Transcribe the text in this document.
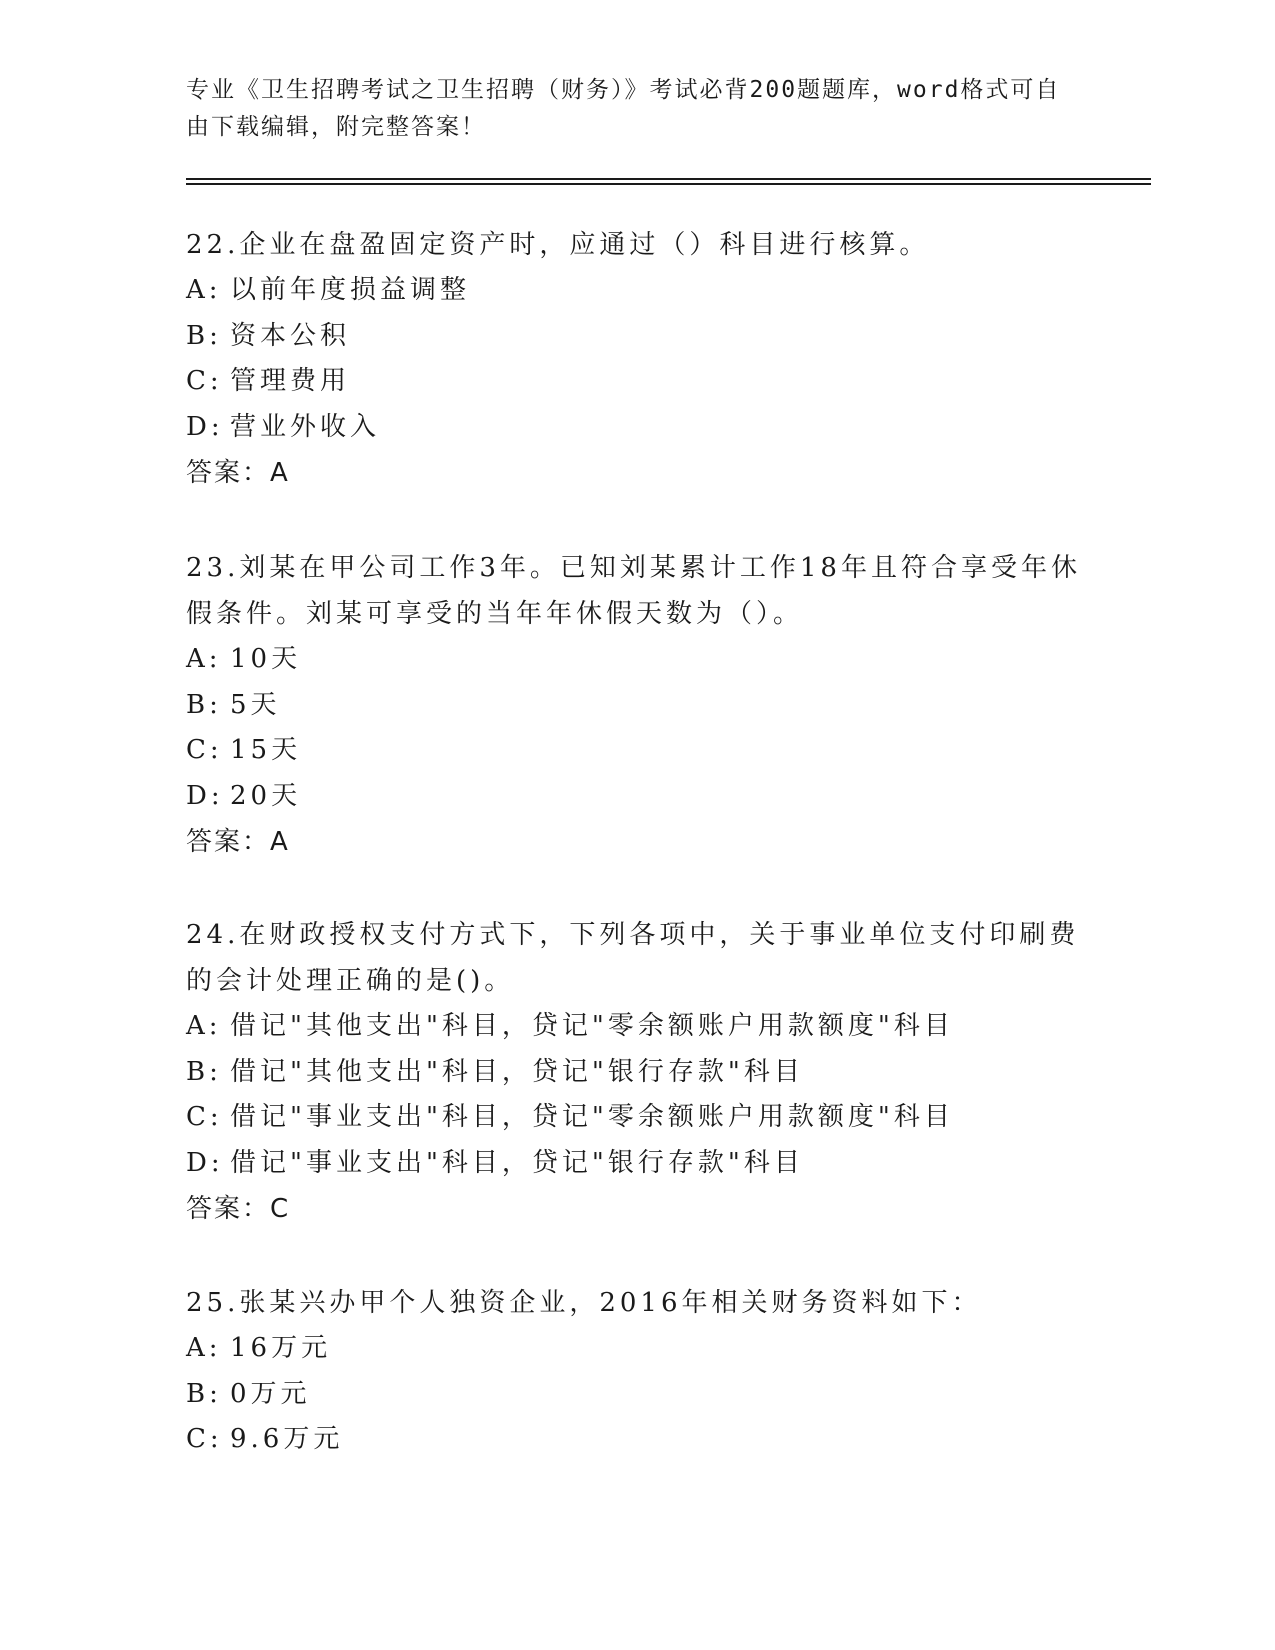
专业《卫生招聘考试之卫生招聘（财务）》考试必背200题题库，word格式可自由下载编辑，附完整答案！

22.企业在盘盈固定资产时，应通过（）科目进行核算。

A: 以前年度损益调整

B: 资本公积

C: 管理费用

D: 营业外收入

答案：A

23.刘某在甲公司工作3年。已知刘某累计工作18年且符合享受年休假条件。刘某可享受的当年年休假天数为（）。

A: 10天

B: 5天

C: 15天

D: 20天

答案：A

24.在财政授权支付方式下，下列各项中，关于事业单位支付印刷费的会计处理正确的是()。

A: 借记"其他支出"科目，贷记"零余额账户用款额度"科目

B: 借记"其他支出"科目，贷记"银行存款"科目

C: 借记"事业支出"科目，贷记"零余额账户用款额度"科目

D: 借记"事业支出"科目，贷记"银行存款"科目

答案：C

25.张某兴办甲个人独资企业，2016年相关财务资料如下：

A: 16万元

B: 0万元

C: 9.6万元
